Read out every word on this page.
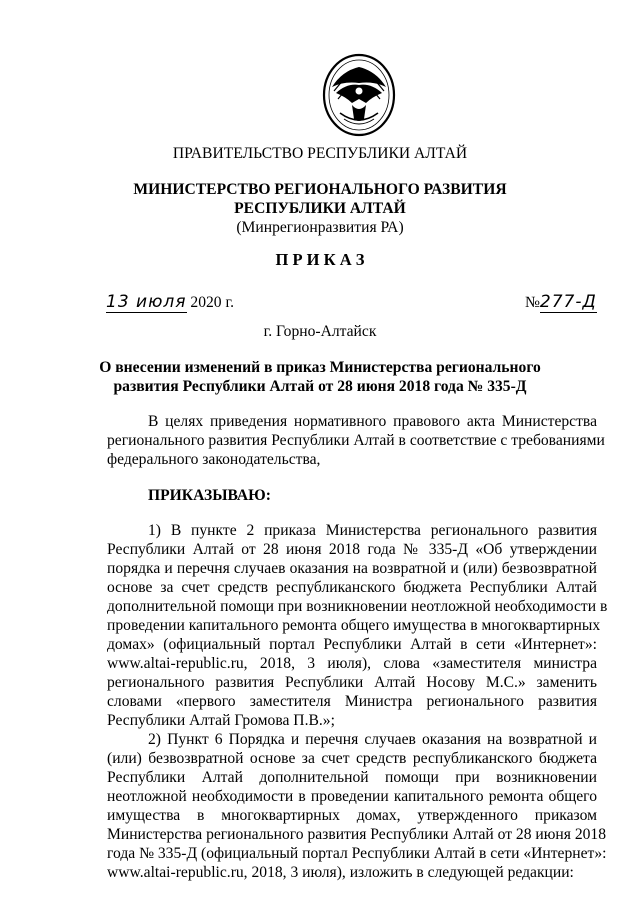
ПРАВИТЕЛЬСТВО РЕСПУБЛИКИ АЛТАЙ
МИНИСТЕРСТВО РЕГИОНАЛЬНОГО РАЗВИТИЯ
РЕСПУБЛИКИ АЛТАЙ
(Минрегионразвития РА)
П Р И К А З
13 июля 2020 г.	№277-Д
г. Горно-Алтайск
О внесении изменений в приказ Министерства регионального
развития Республики Алтай от 28 июня 2018 года № 335-Д
В целях приведения нормативного правового акта Министерства
регионального развития Республики Алтай в соответствие с требованиями
федерального законодательства,
ПРИКАЗЫВАЮ:
1) В пункте 2 приказа Министерства регионального развития
Республики Алтай от 28 июня 2018 года № 335-Д «Об утверждении
порядка и перечня случаев оказания на возвратной и (или) безвозвратной
основе за счет средств республиканского бюджета Республики Алтай
дополнительной помощи при возникновении неотложной необходимости в
проведении капитального ремонта общего имущества в многоквартирных
домах» (официальный портал Республики Алтай в сети «Интернет»:
www.altai-republic.ru, 2018, 3 июля), слова «заместителя министра
регионального развития Республики Алтай Носову М.С.» заменить
словами «первого заместителя Министра регионального развития
Республики Алтай Громова П.В.»;
2) Пункт 6 Порядка и перечня случаев оказания на возвратной и
(или) безвозвратной основе за счет средств республиканского бюджета
Республики Алтай дополнительной помощи при возникновении
неотложной необходимости в проведении капитального ремонта общего
имущества в многоквартирных домах, утвержденного приказом
Министерства регионального развития Республики Алтай от 28 июня 2018
года № 335-Д (официальный портал Республики Алтай в сети «Интернет»:
www.altai-republic.ru, 2018, 3 июля), изложить в следующей редакции:
